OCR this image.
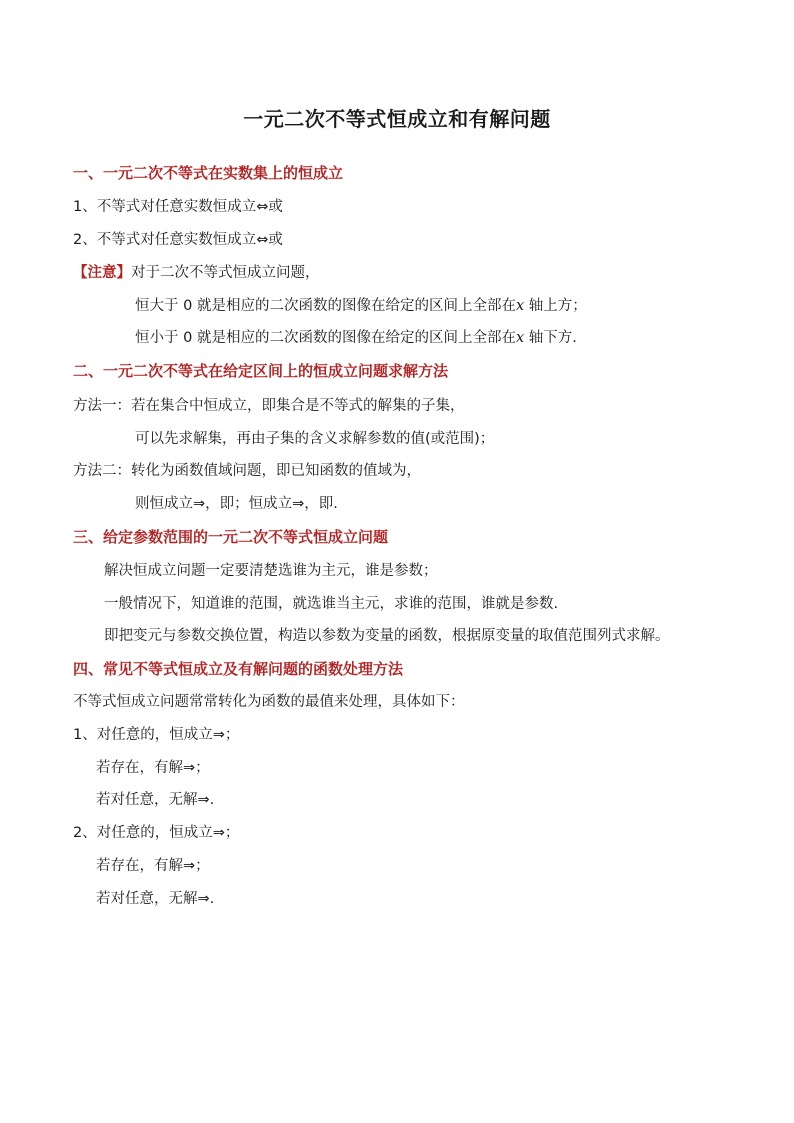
一元二次不等式恒成立和有解问题
一、一元二次不等式在实数集上的恒成立
1、不等式对任意实数恒成立⇔或
2、不等式对任意实数恒成立⇔或
【注意】对于二次不等式恒成立问题，
恒大于 0 就是相应的二次函数的图像在给定的区间上全部在x 轴上方；
恒小于 0 就是相应的二次函数的图像在给定的区间上全部在x 轴下方．
二、一元二次不等式在给定区间上的恒成立问题求解方法
方法一：若在集合中恒成立，即集合是不等式的解集的子集，
可以先求解集，再由子集的含义求解参数的值(或范围)；
方法二：转化为函数值域问题，即已知函数的值域为，
则恒成立⇒，即；恒成立⇒，即.
三、给定参数范围的一元二次不等式恒成立问题
解决恒成立问题一定要清楚选谁为主元，谁是参数；
一般情况下，知道谁的范围，就选谁当主元，求谁的范围，谁就是参数.
即把变元与参数交换位置，构造以参数为变量的函数，根据原变量的取值范围列式求解。
四、常见不等式恒成立及有解问题的函数处理方法
不等式恒成立问题常常转化为函数的最值来处理，具体如下：
1、对任意的，恒成立⇒；
若存在，有解⇒；
若对任意，无解⇒.
2、对任意的，恒成立⇒；
若存在，有解⇒；
若对任意，无解⇒.
